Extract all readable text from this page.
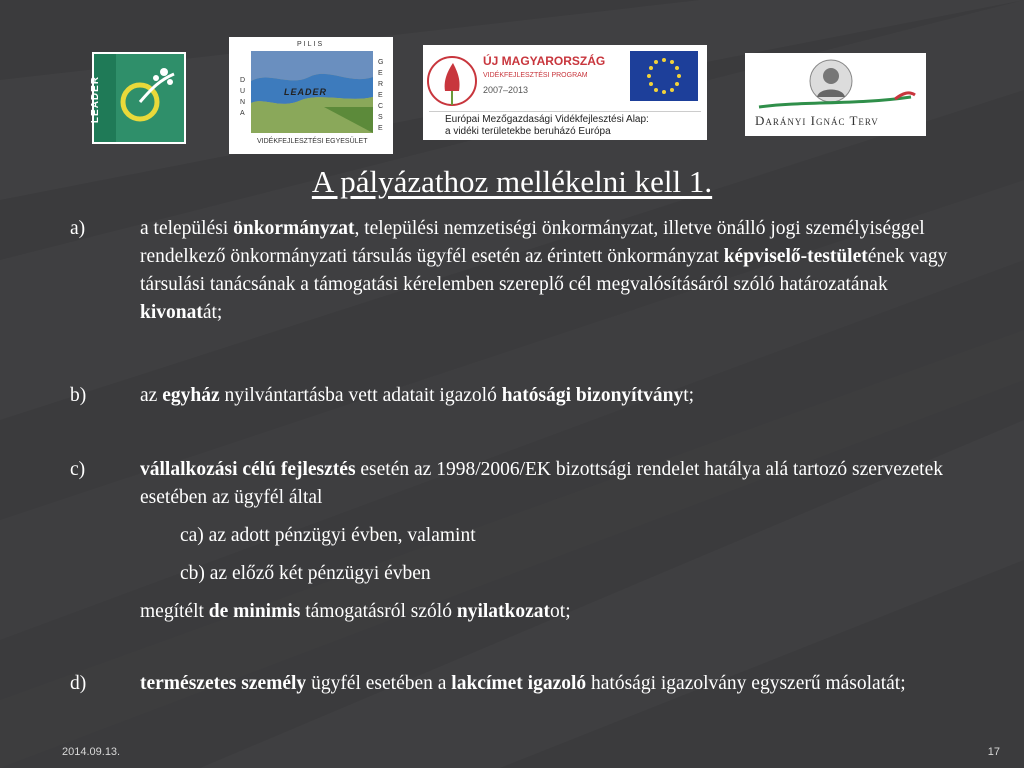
LEADER
PILIS
DUNA
GERECSE
LEADER
VIDÉKFEJLESZTÉSI EGYESÜLET
ÚJ MAGYARORSZÁG
VIDÉKFEJLESZTÉSI PROGRAM
2007–2013
Európai Mezőgazdasági Vidékfejlesztési Alap:
a vidéki területekbe beruházó Európa
Darányi Ignác Terv
A pályázathoz mellékelni kell 1.
a)	a települési önkormányzat, települési nemzetiségi önkormányzat, illetve önálló jogi személyiséggel rendelkező önkormányzati társulás ügyfél esetén az érintett önkormányzat képviselő-testületének vagy társulási tanácsának a támogatási kérelemben szereplő cél megvalósításáról szóló határozatának kivonatát;
b)	az egyház nyilvántartásba vett adatait igazoló hatósági bizonyítványt;
c)	vállalkozási célú fejlesztés esetén az 1998/2006/EK bizottsági rendelet hatálya alá tartozó szervezetek esetében az ügyfél által
ca) az adott pénzügyi évben, valamint
cb) az előző két pénzügyi évben
megítélt de minimis támogatásról szóló nyilatkozatot;
d)	természetes személy ügyfél esetében a lakcímet igazoló hatósági igazolvány egyszerű másolatát;
2014.09.13.	17
